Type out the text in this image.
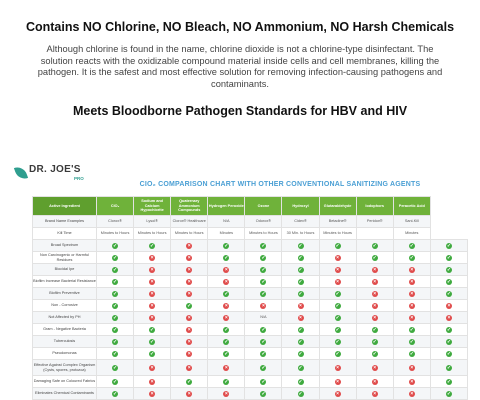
Contains NO Chlorine, NO Bleach, NO Ammonium, NO Harsh Chemicals
Although chlorine is found in the name, chlorine dioxide is not a chlorine-type disinfectant. The solution reacts with the oxidizable compound material inside cells and cell membranes, killing the pathogen. It is the safest and most effective solution for removing infection-causing pathogens and contaminants.
Meets Bloodborne Pathogen Standards for HBV and HIV
DR. JOE'S
PRO
CIO₂ COMPARISON CHART WITH OTHER CONVENTIONAL SANITIZING AGENTS
Active Ingredient	ClO₂	Sodium and Calcium Hypochlorite	Quaternary Ammonium Compounds	Hydrogen Peroxide	Ozone	Hydroxyl	Glutaraldehyde	Iodophors	Peracetic Acid	
Brand Name Examples	Clorox®	Lysol®	Clorox® Healthcare	N/A	Odorox®	Cidex®	Betadine®	Peridox®	Sani-Kill	
Kill Time	Minutes to Hours	Minutes to Hours	Minutes to Hours	Minutes	Minutes to Hours	30 Min. to Hours	Minutes to Hours		Minutes	
Broad Spectrum	✓	✓	×	✓	✓	✓	✓	✓	✓	✓
Non Carcinogenic or Harmful Residues	✓	×	×	✓	✓	✓	×	✓	✓	✓
Biocidal Ipe	✓	×	×	×	✓	✓	×	×	×	✓
Biofilm Increase Bacterial Resistance	✓	×	×	×	✓	✓	×	×	×	✓
Biofilm Preventive	✓	×	×	✓	✓	✓	✓	×	×	✓
Non - Corrosive	✓	×	✓	×	×	×	✓	×	×	×
Not Affected by PH	✓	×	×	×	N/A	×	✓	×	×	×
Gram - Negative Bacteria	✓	✓	×	✓	✓	✓	✓	✓	✓	✓
Tuberculosis	✓	✓	×	✓	✓	✓	✓	✓	✓	✓
Pseudomonas	✓	✓	×	✓	✓	✓	✓	✓	✓	✓
Effective Against Complex Organism (Cysts, spores, protozoa)	✓	×	×	×	✓	✓	×	×	×	✓
Damaging Safe on Coloured Fabrics	✓	×	✓	✓	✓	✓	×	×	×	✓
Eliminates Chemical Contaminants	✓	×	×	×	✓	✓	×	×	×	✓
